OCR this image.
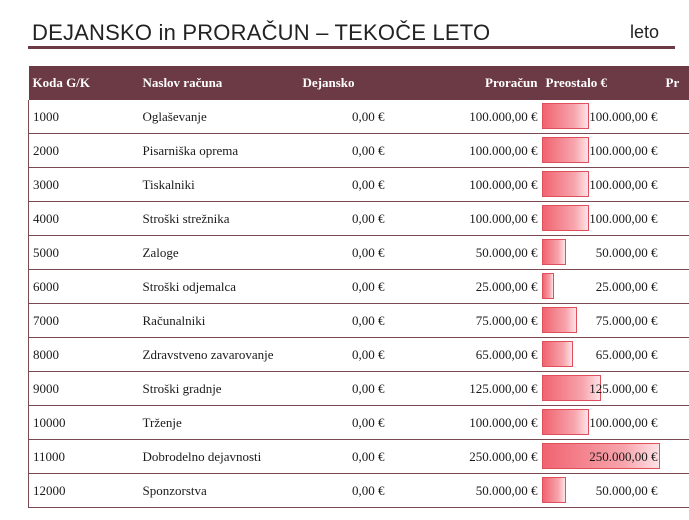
DEJANSKO in PRORAČUN – TEKOČE LETO	leto
Koda G/K	Naslov računa	Dejansko	Proračun	Preostalo €	Pr
1000	Oglaševanje	0,00 €	100.000,00 €	100.000,00 €	

2000	Pisarniška oprema	0,00 €	100.000,00 €	100.000,00 €	

3000	Tiskalniki	0,00 €	100.000,00 €	100.000,00 €	

4000	Stroški strežnika	0,00 €	100.000,00 €	100.000,00 €	

5000	Zaloge	0,00 €	50.000,00 €	50.000,00 €	

6000	Stroški odjemalca	0,00 €	25.000,00 €	25.000,00 €	

7000	Računalniki	0,00 €	75.000,00 €	75.000,00 €	

8000	Zdravstveno zavarovanje	0,00 €	65.000,00 €	65.000,00 €	

9000	Stroški gradnje	0,00 €	125.000,00 €	125.000,00 €	

10000	Trženje	0,00 €	100.000,00 €	100.000,00 €	

11000	Dobrodelno dejavnosti	0,00 €	250.000,00 €	250.000,00 €	

12000	Sponzorstva	0,00 €	50.000,00 €	50.000,00 €	
